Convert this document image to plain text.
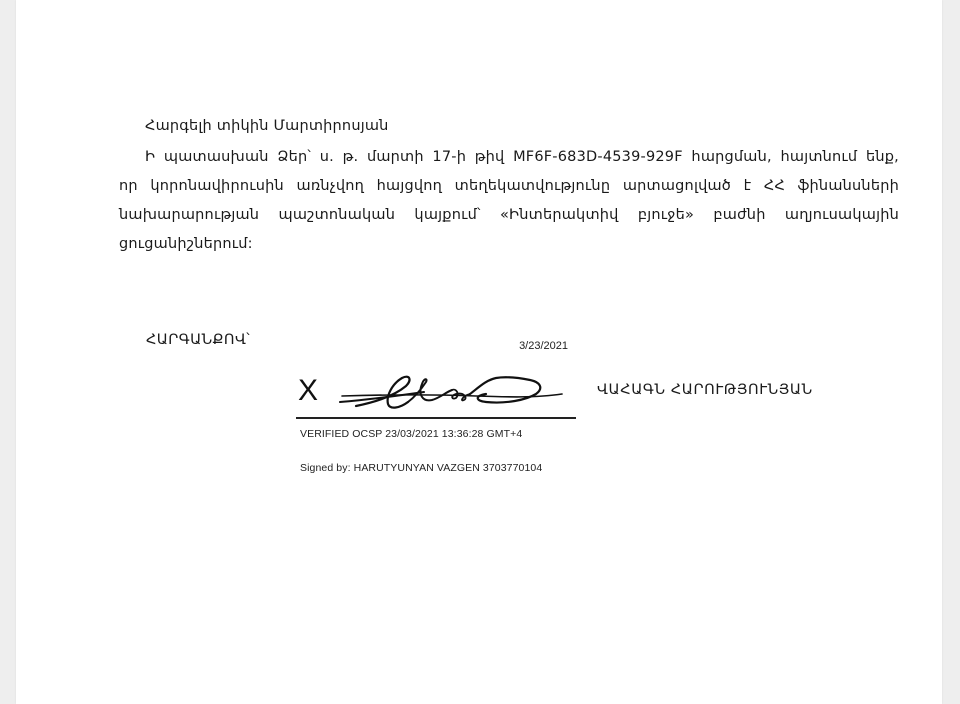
Հարգելի տիկին Մարտիրոսյան
Ի պատասխան Ձեր՝ ս. թ. մարտի 17-ի թիվ MF6F-683D-4539-929F հարցման, հայտնում ենք, որ կորոնավիրուսին առնչվող հայցվող տեղեկատվությունը արտացոլված է ՀՀ ֆինանսների նախարարության պաշտոնական կայքում՝ «Ինտերակտիվ բյուջե» բաժնի աղյուսակային ցուցանիշներում:
ՀԱՐԳԱՆՔՈՎ՝	3/23/2021
X
VERIFIED OCSP 23/03/2021 13:36:28 GMT+4
Signed by: HARUTYUNYAN VAZGEN 3703770104
ՎԱՀԱԳՆ ՀԱՐՈՒԹՅՈՒՆՅԱՆ
